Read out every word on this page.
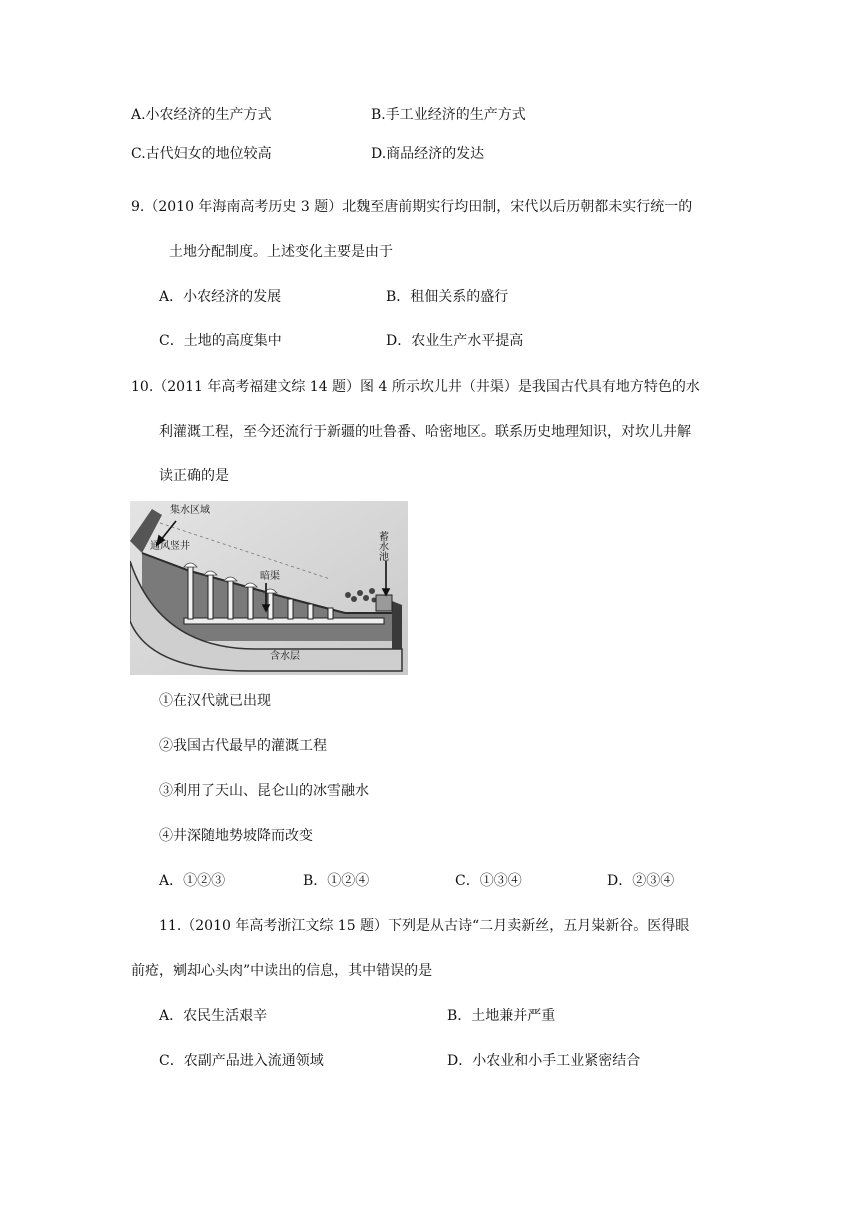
A.小农经济的生产方式	B.手工业经济的生产方式
C.古代妇女的地位较高	D.商品经济的发达
9.（2010 年海南高考历史 3 题）北魏至唐前期实行均田制，宋代以后历朝都未实行统一的
土地分配制度。上述变化主要是由于
A．小农经济的发展	B．租佃关系的盛行
C．土地的高度集中	D．农业生产水平提高
10.（2011 年高考福建文综 14 题）图 4 所示坎儿井（井渠）是我国古代具有地方特色的水
利灌溉工程，至今还流行于新疆的吐鲁番、哈密地区。联系历史地理知识，对坎儿井解
读正确的是
集水区域
通风竖井
暗渠
含水层
蓄水池
①在汉代就已出现
②我国古代最早的灌溉工程
③利用了天山、昆仑山的冰雪融水
④井深随地势坡降而改变
A．①②③	B．①②④	C．①③④	D．②③④
11.（2010 年高考浙江文综 15 题）下列是从古诗“二月卖新丝，五月粜新谷。医得眼
前疮，剜却心头肉”中读出的信息，其中错误的是
A．农民生活艰辛	B．土地兼并严重
C．农副产品进入流通领域	D．小农业和小手工业紧密结合
